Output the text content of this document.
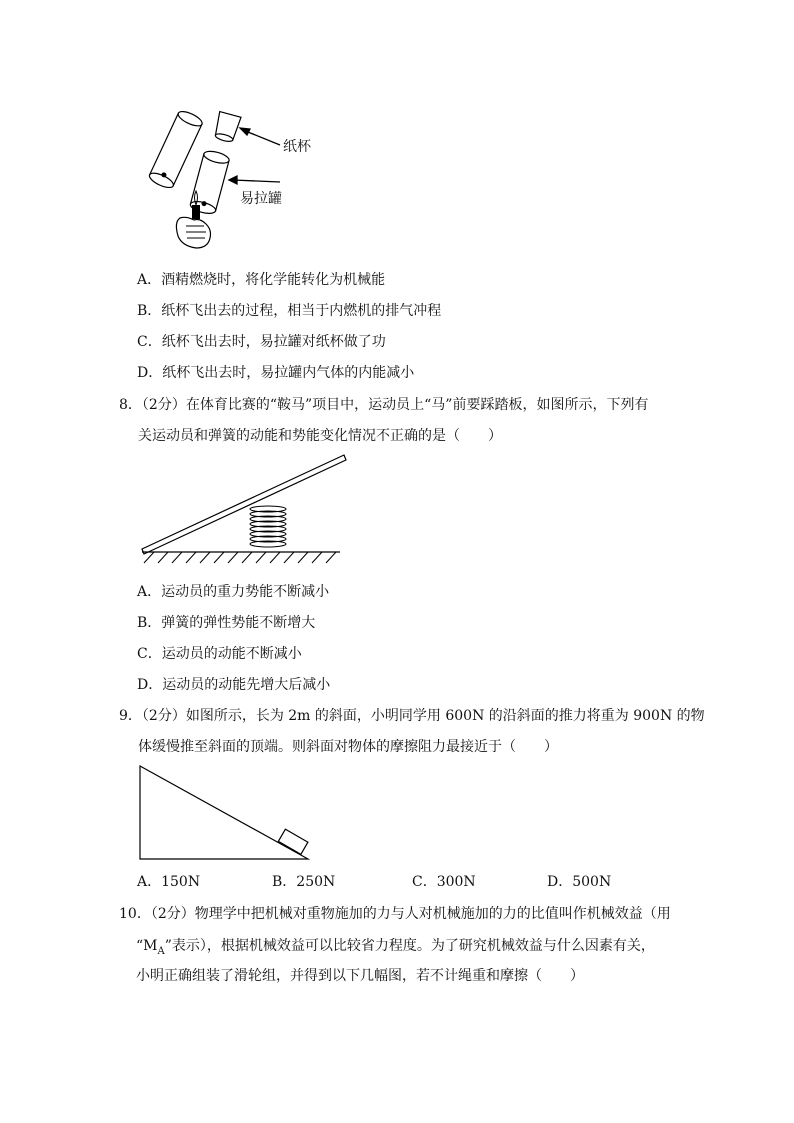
纸杯
易拉罐
A．酒精燃烧时，将化学能转化为机械能
B．纸杯飞出去的过程，相当于内燃机的排气冲程
C．纸杯飞出去时，易拉罐对纸杯做了功
D．纸杯飞出去时，易拉罐内气体的内能减小
8．（2分）在体育比赛的“鞍马”项目中，运动员上“马”前要踩踏板，如图所示，下列有
关运动员和弹簧的动能和势能变化情况不正确的是（　　）
A．运动员的重力势能不断减小
B．弹簧的弹性势能不断增大
C．运动员的动能不断减小
D．运动员的动能先增大后减小
9．（2分）如图所示，长为 2m 的斜面，小明同学用 600N 的沿斜面的推力将重为 900N 的物
体缓慢推至斜面的顶端。则斜面对物体的摩擦阻力最接近于（　　）
A．150N	B．250N	C．300N	D．500N
10．（2分）物理学中把机械对重物施加的力与人对机械施加的力的比值叫作机械效益（用
“$M_A$”表示），根据机械效益可以比较省力程度。为了研究机械效益与什么因素有关，
小明正确组装了滑轮组，并得到以下几幅图，若不计绳重和摩擦（　　）
